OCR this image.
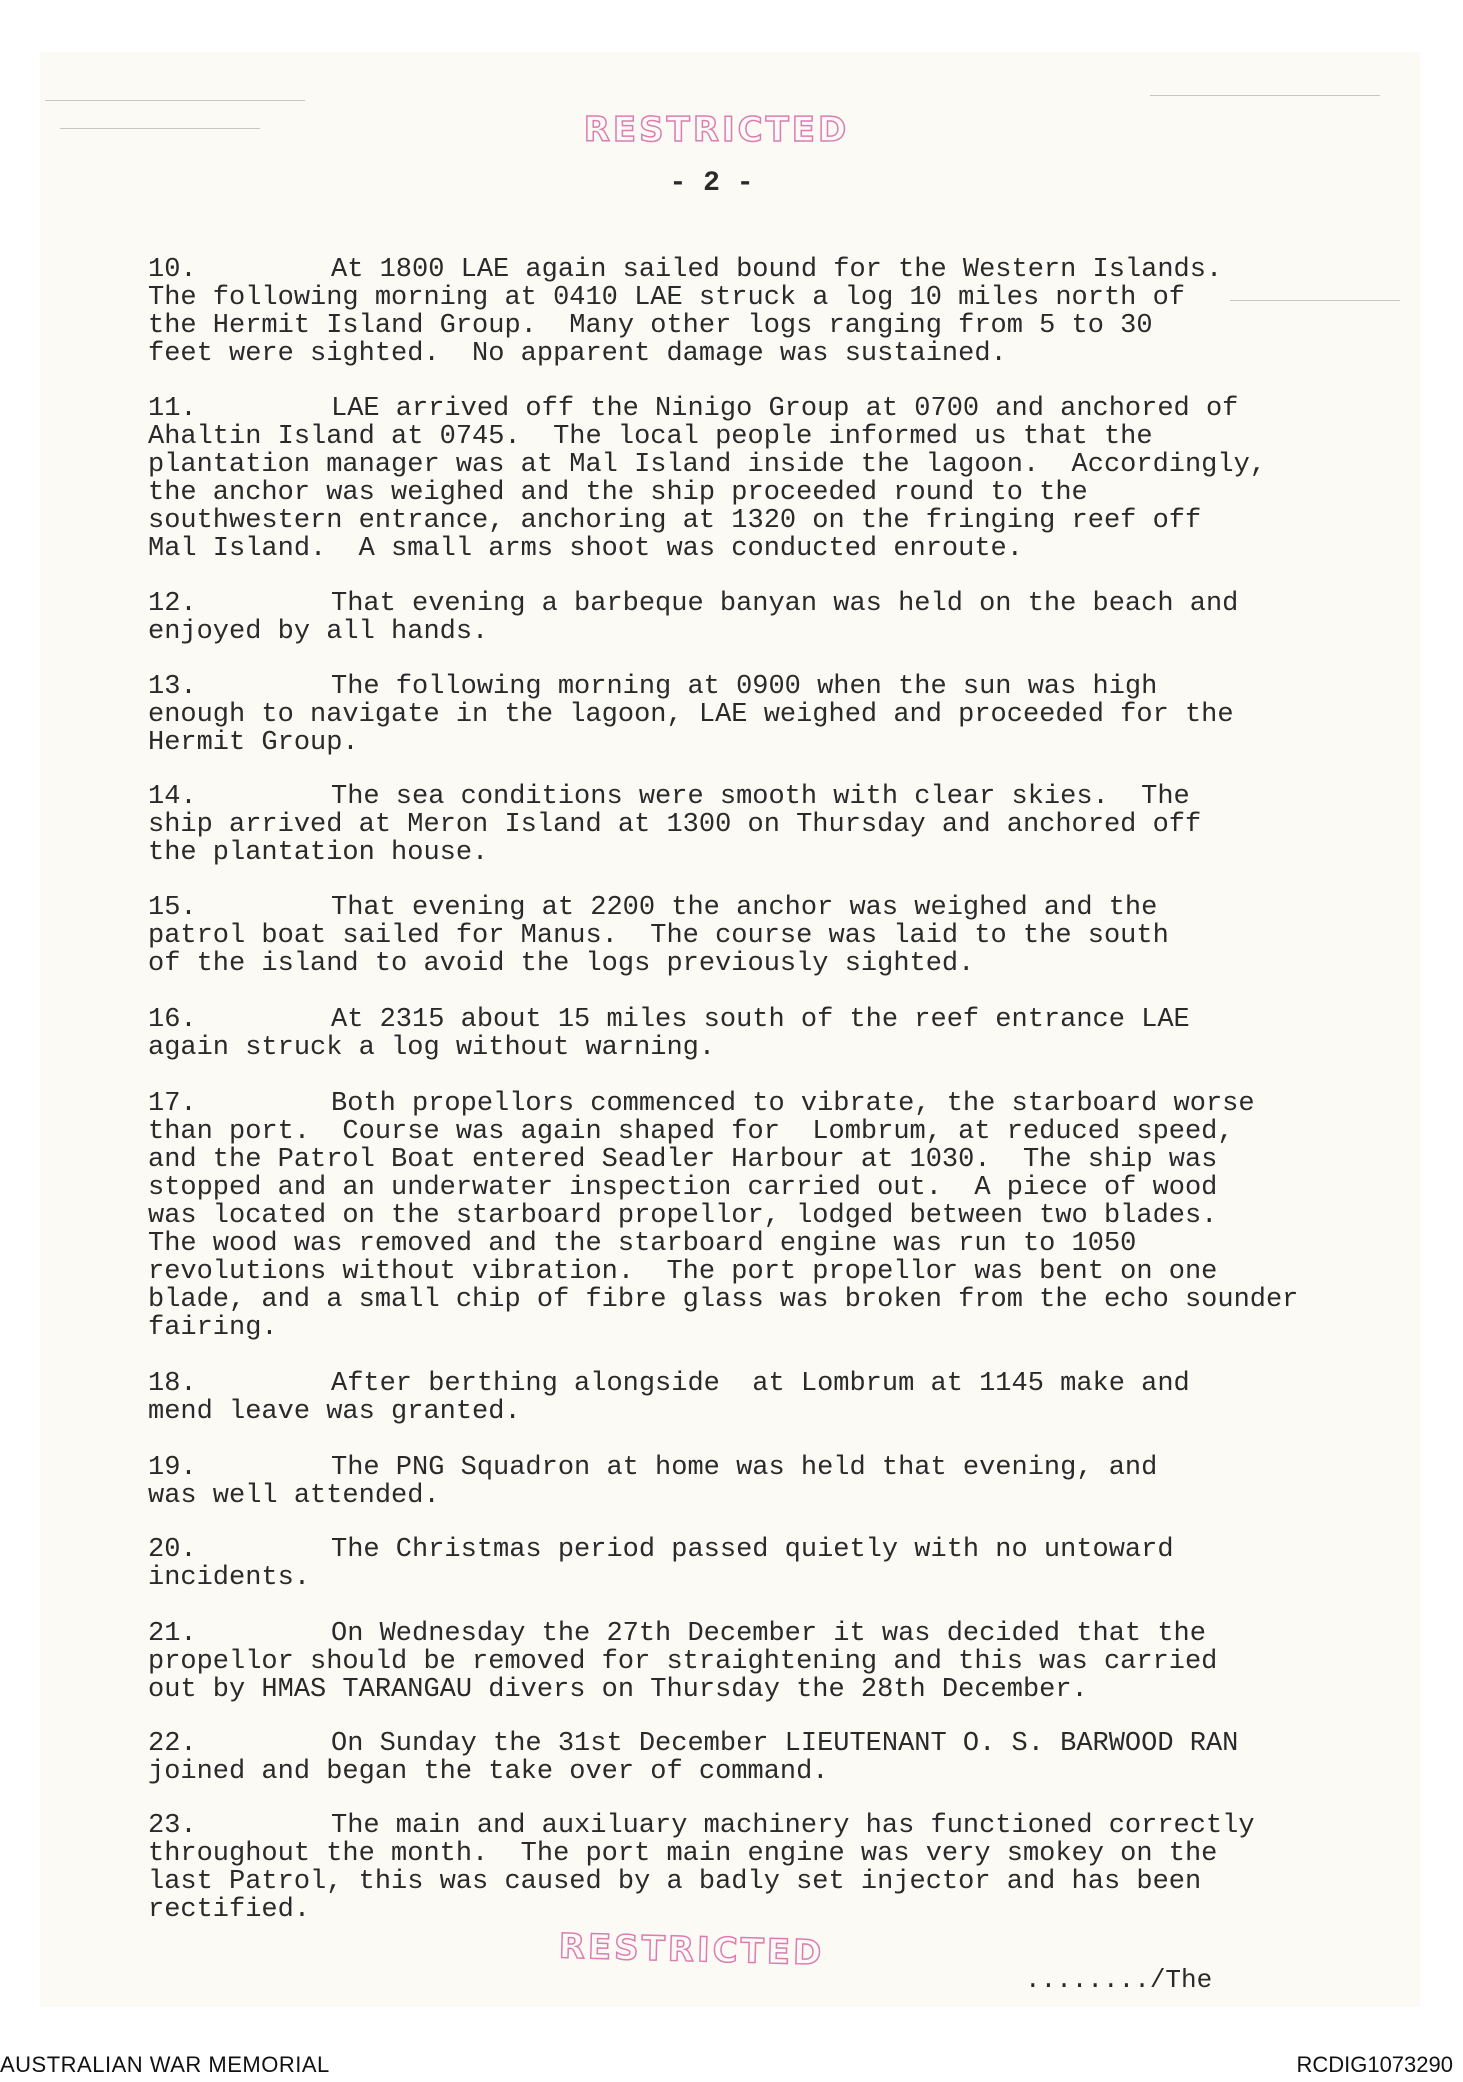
RESTRICTED
- 2 -

10.	At 1800 LAE again sailed bound for the Western Islands.

The following morning at 0410 LAE struck a log 10 miles north of

the Hermit Island Group.  Many other logs ranging from 5 to 30

feet were sighted.  No apparent damage was sustained.

11.	LAE arrived off the Ninigo Group at 0700 and anchored of

Ahaltin Island at 0745.  The local people informed us that the

plantation manager was at Mal Island inside the lagoon.  Accordingly,

the anchor was weighed and the ship proceeded round to the

southwestern entrance, anchoring at 1320 on the fringing reef off

Mal Island.  A small arms shoot was conducted enroute.

12.	That evening a barbeque banyan was held on the beach and

enjoyed by all hands.

13.	The following morning at 0900 when the sun was high

enough to navigate in the lagoon, LAE weighed and proceeded for the

Hermit Group.

14.	The sea conditions were smooth with clear skies.  The

ship arrived at Meron Island at 1300 on Thursday and anchored off

the plantation house.

15.	That evening at 2200 the anchor was weighed and the

patrol boat sailed for Manus.  The course was laid to the south

of the island to avoid the logs previously sighted.

16.	At 2315 about 15 miles south of the reef entrance LAE

again struck a log without warning.

17.	Both propellors commenced to vibrate, the starboard worse

than port.  Course was again shaped for  Lombrum, at reduced speed,

and the Patrol Boat entered Seadler Harbour at 1030.  The ship was

stopped and an underwater inspection carried out.  A piece of wood

was located on the starboard propellor, lodged between two blades.

The wood was removed and the starboard engine was run to 1050

revolutions without vibration.  The port propellor was bent on one

blade, and a small chip of fibre glass was broken from the echo sounder

fairing.

18.	After berthing alongside  at Lombrum at 1145 make and

mend leave was granted.

19.	The PNG Squadron at home was held that evening, and

was well attended.

20.	The Christmas period passed quietly with no untoward

incidents.

21.	On Wednesday the 27th December it was decided that the

propellor should be removed for straightening and this was carried

out by HMAS TARANGAU divers on Thursday the 28th December.

22.	On Sunday the 31st December LIEUTENANT O. S. BARWOOD RAN

joined and began the take over of command.

23.	The main and auxiluary machinery has functioned correctly

throughout the month.  The port main engine was very smokey on the

last Patrol, this was caused by a badly set injector and has been

rectified.

RESTRICTED
......../The
AUSTRALIAN WAR MEMORIAL	RCDIG1073290
